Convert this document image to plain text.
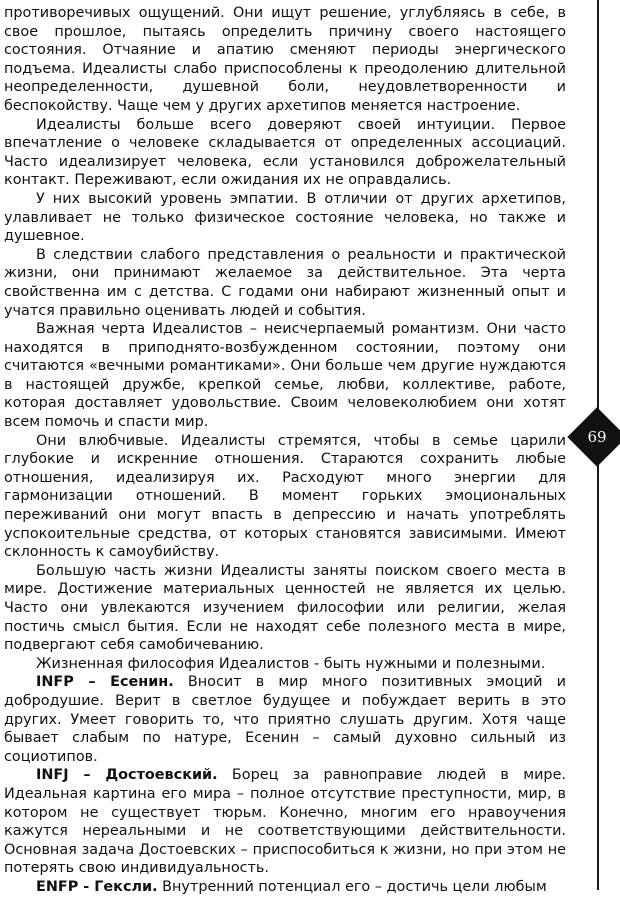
противоречивых ощущений. Они ищут решение, углубляясь в себе, в свое прошлое, пытаясь определить причину своего настоящего состояния. Отчаяние и апатию сменяют периоды энергического подъема. Идеалисты слабо приспособлены к преодолению длительной неопределенности, душевной боли, неудовлетворенности и беспокойству. Чаще чем у других архетипов меняется настроение.

Идеалисты больше всего доверяют своей интуиции. Первое впечатление о человеке складывается от определенных ассоциаций. Часто идеализирует человека, если установился доброжелательный контакт. Переживают, если ожидания их не оправдались.

У них высокий уровень эмпатии. В отличии от других архетипов, улавливает не только физическое состояние человека, но также и душевное.

В следствии слабого представления о реальности и практической жизни, они принимают желаемое за действительное. Эта черта свойственна им с детства. С годами они набирают жизненный опыт и учатся правильно оценивать людей и события.

Важная черта Идеалистов – неисчерпаемый романтизм. Они часто находятся в приподнято-возбужденном состоянии, поэтому они считаются «вечными романтиками». Они больше чем другие нуждаются в настоящей дружбе, крепкой семье, любви, коллективе, работе, которая доставляет удовольствие. Своим человеколюбием они хотят всем помочь и спасти мир.

Они влюбчивые. Идеалисты стремятся, чтобы в семье царили глубокие и искренние отношения. Стараются сохранить любые отношения, идеализируя их. Расходуют много энергии для гармонизации отношений. В момент горьких эмоциональных переживаний они могут впасть в депрессию и начать употреблять успокоительные средства, от которых становятся зависимыми. Имеют склонность к самоубийству.

Большую часть жизни Идеалисты заняты поиском своего места в мире. Достижение материальных ценностей не является их целью. Часто они увлекаются изучением философии или религии, желая постичь смысл бытия. Если не находят себе полезного места в мире, подвергают себя самобичеванию.

Жизненная философия Идеалистов - быть нужными и полезными.

INFP – Есенин. Вносит в мир много позитивных эмоций и добродушие. Верит в светлое будущее и побуждает верить в это других. Умеет говорить то, что приятно слушать другим. Хотя чаще бывает слабым по натуре, Есенин – самый духовно сильный из социотипов.

INFJ – Достоевский. Борец за равноправие людей в мире. Идеальная картина его мира – полное отсутствие преступности, мир, в котором не существует тюрьм. Конечно, многим его нравоучения кажутся нереальными и не соответствующими действительности. Основная задача Достоевских – приспособиться к жизни, но при этом не потерять свою индивидуальность.

ENFP - Гексли. Внутренний потенциал его – достичь цели любым

69
